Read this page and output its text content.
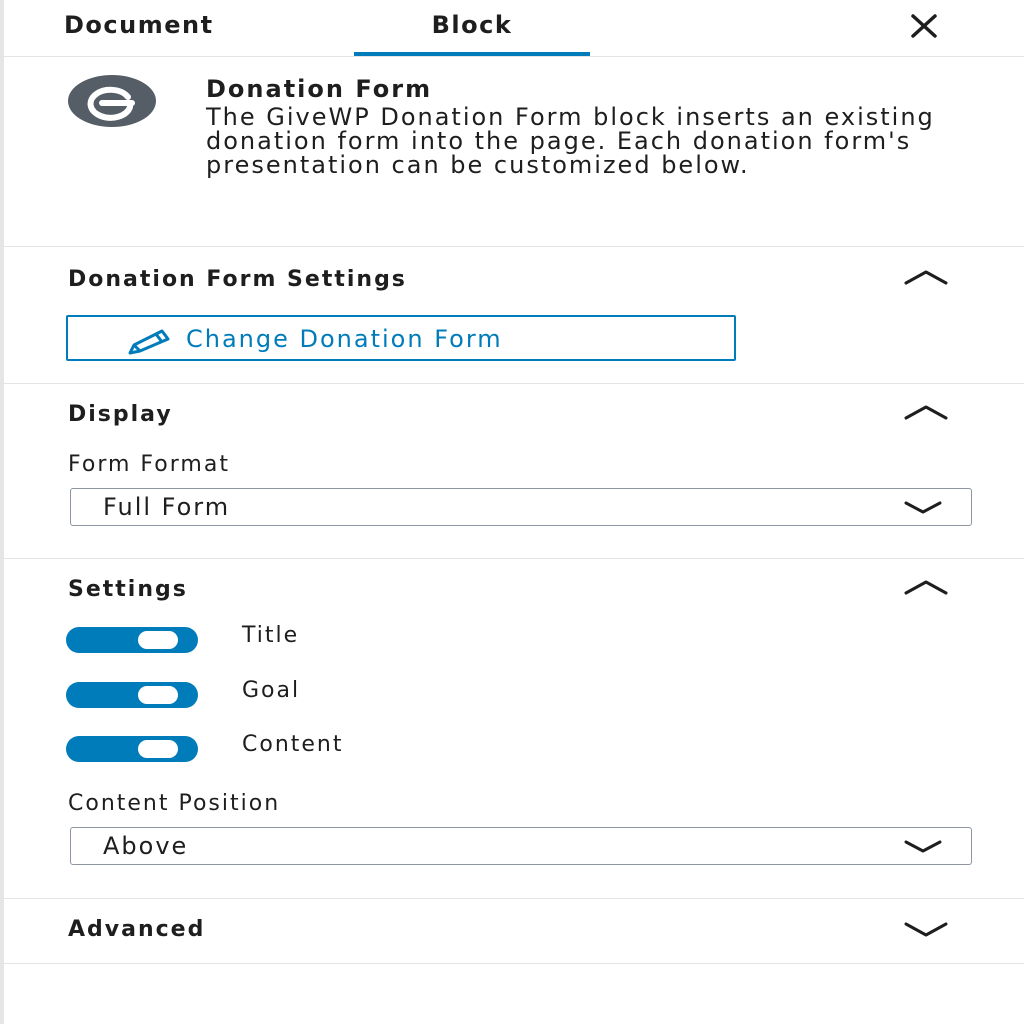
Document	Block
Donation Form
The GiveWP Donation Form block inserts an existing donation form into the page. Each donation form's presentation can be customized below.
Donation Form Settings
Change Donation Form
Display
Form Format
Full Form
Settings
Title
Goal
Content
Content Position
Above
Advanced
